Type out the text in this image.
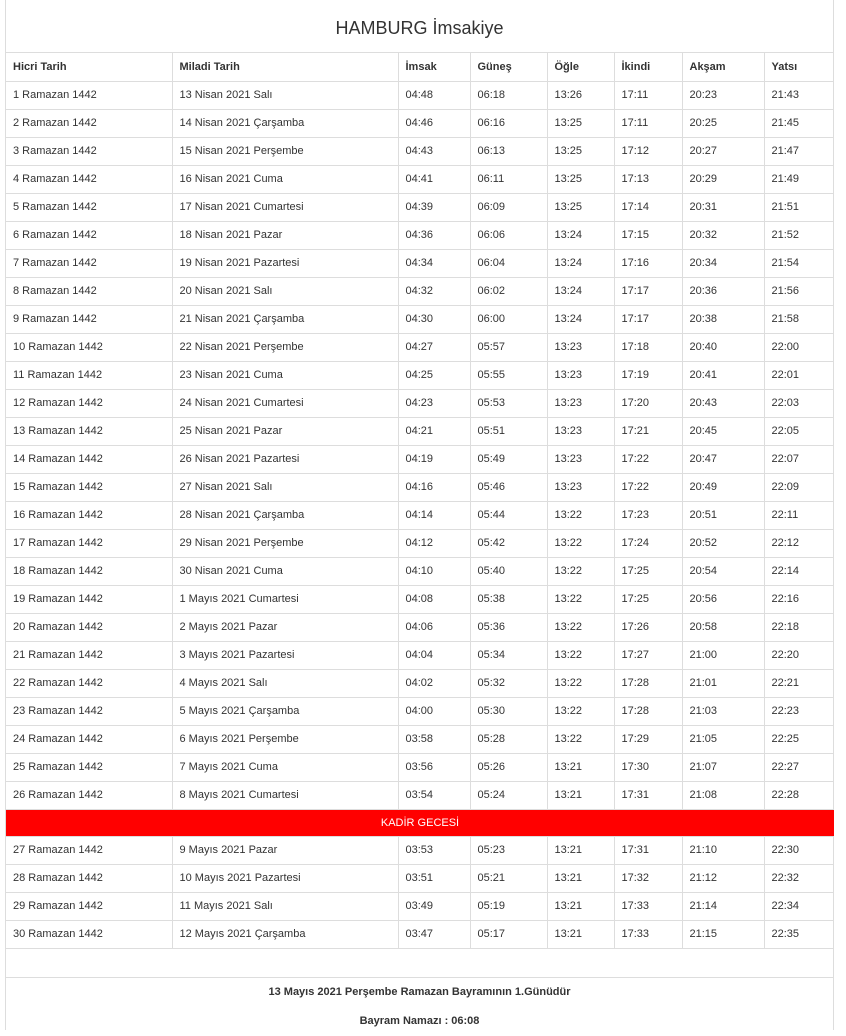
HAMBURG İmsakiye
Hicri Tarih	Miladi Tarih	İmsak	Güneş	Öğle	İkindi	Akşam	Yatsı
1 Ramazan 1442	13 Nisan 2021 Salı	04:48	06:18	13:26	17:11	20:23	21:43
2 Ramazan 1442	14 Nisan 2021 Çarşamba	04:46	06:16	13:25	17:11	20:25	21:45
3 Ramazan 1442	15 Nisan 2021 Perşembe	04:43	06:13	13:25	17:12	20:27	21:47
4 Ramazan 1442	16 Nisan 2021 Cuma	04:41	06:11	13:25	17:13	20:29	21:49
5 Ramazan 1442	17 Nisan 2021 Cumartesi	04:39	06:09	13:25	17:14	20:31	21:51
6 Ramazan 1442	18 Nisan 2021 Pazar	04:36	06:06	13:24	17:15	20:32	21:52
7 Ramazan 1442	19 Nisan 2021 Pazartesi	04:34	06:04	13:24	17:16	20:34	21:54
8 Ramazan 1442	20 Nisan 2021 Salı	04:32	06:02	13:24	17:17	20:36	21:56
9 Ramazan 1442	21 Nisan 2021 Çarşamba	04:30	06:00	13:24	17:17	20:38	21:58
10 Ramazan 1442	22 Nisan 2021 Perşembe	04:27	05:57	13:23	17:18	20:40	22:00
11 Ramazan 1442	23 Nisan 2021 Cuma	04:25	05:55	13:23	17:19	20:41	22:01
12 Ramazan 1442	24 Nisan 2021 Cumartesi	04:23	05:53	13:23	17:20	20:43	22:03
13 Ramazan 1442	25 Nisan 2021 Pazar	04:21	05:51	13:23	17:21	20:45	22:05
14 Ramazan 1442	26 Nisan 2021 Pazartesi	04:19	05:49	13:23	17:22	20:47	22:07
15 Ramazan 1442	27 Nisan 2021 Salı	04:16	05:46	13:23	17:22	20:49	22:09
16 Ramazan 1442	28 Nisan 2021 Çarşamba	04:14	05:44	13:22	17:23	20:51	22:11
17 Ramazan 1442	29 Nisan 2021 Perşembe	04:12	05:42	13:22	17:24	20:52	22:12
18 Ramazan 1442	30 Nisan 2021 Cuma	04:10	05:40	13:22	17:25	20:54	22:14
19 Ramazan 1442	1 Mayıs 2021 Cumartesi	04:08	05:38	13:22	17:25	20:56	22:16
20 Ramazan 1442	2 Mayıs 2021 Pazar	04:06	05:36	13:22	17:26	20:58	22:18
21 Ramazan 1442	3 Mayıs 2021 Pazartesi	04:04	05:34	13:22	17:27	21:00	22:20
22 Ramazan 1442	4 Mayıs 2021 Salı	04:02	05:32	13:22	17:28	21:01	22:21
23 Ramazan 1442	5 Mayıs 2021 Çarşamba	04:00	05:30	13:22	17:28	21:03	22:23
24 Ramazan 1442	6 Mayıs 2021 Perşembe	03:58	05:28	13:22	17:29	21:05	22:25
25 Ramazan 1442	7 Mayıs 2021 Cuma	03:56	05:26	13:21	17:30	21:07	22:27
26 Ramazan 1442	8 Mayıs 2021 Cumartesi	03:54	05:24	13:21	17:31	21:08	22:28
KADİR GECESİ							
27 Ramazan 1442	9 Mayıs 2021 Pazar	03:53	05:23	13:21	17:31	21:10	22:30
28 Ramazan 1442	10 Mayıs 2021 Pazartesi	03:51	05:21	13:21	17:32	21:12	22:32
29 Ramazan 1442	11 Mayıs 2021 Salı	03:49	05:19	13:21	17:33	21:14	22:34
30 Ramazan 1442	12 Mayıs 2021 Çarşamba	03:47	05:17	13:21	17:33	21:15	22:35
13 Mayıs 2021 Perşembe Ramazan Bayramının 1.Günüdür
Bayram Namazı : 06:08
